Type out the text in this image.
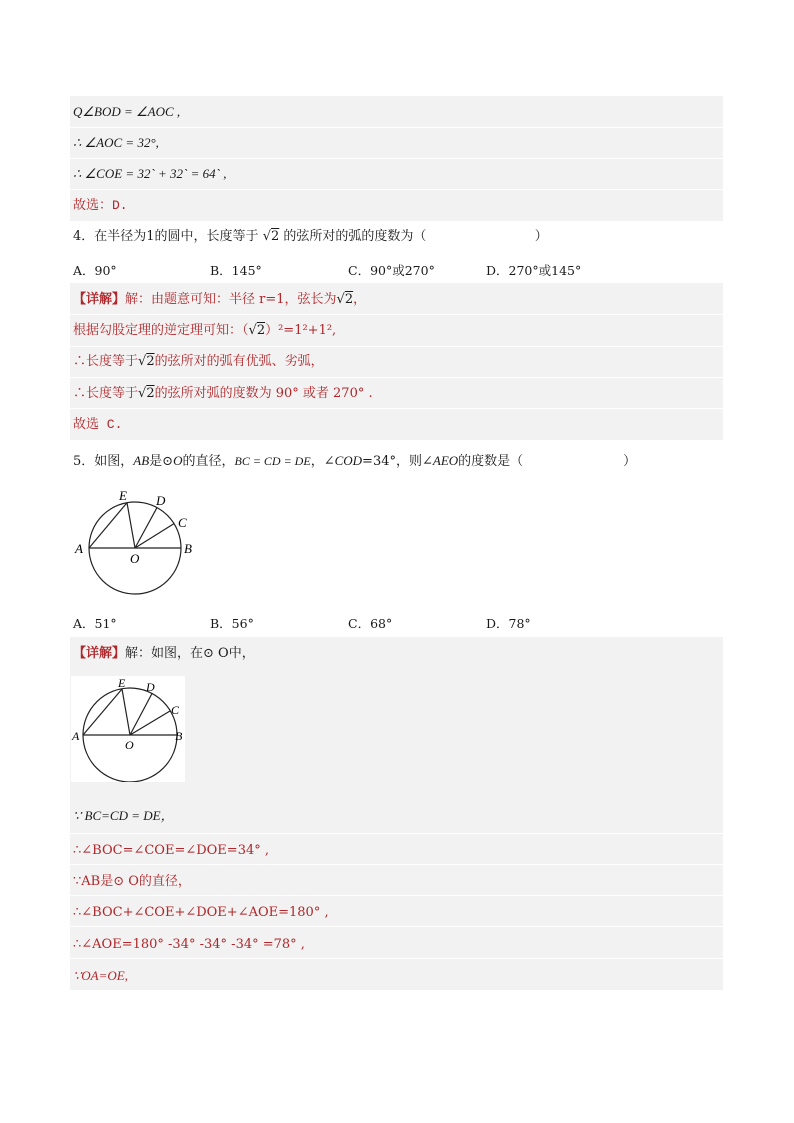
Q∠BOD = ∠AOC ,
∴ ∠AOC = 32°,
∴ ∠COE = 32` + 32` = 64` ,
故选：D.
4．在半径为1的圆中，长度等于 √2 的弦所对的弧的度数为（	）
A．90°	B．145°	C．90°或270°	D．270°或145°
【详解】解：由题意可知：半径 r=1，弦长为√2，
根据勾股定理的逆定理可知：（√2）²=1²+1²,
∴长度等于√2的弦所对的弧有优弧、劣弧，
∴长度等于√2的弦所对弧的度数为 90° 或者 270° .
故选 C.
5．如图，AB是⊙O的直径，BC = CD = DE，∠COD=34°，则∠AEO的度数是（	）
A	B
C
D
E
O
A．51°	B．56°	C．68°	D．78°
【详解】解：如图，在⊙ O中，
A	B
C
D
E
O
∵ BC=CD = DE，
∴∠BOC=∠COE=∠DOE=34° ,
∵AB是⊙ O的直径，
∴∠BOC+∠COE+∠DOE+∠AOE=180° ,
∴∠AOE=180° -34° -34° -34° =78° ,
∵OA=OE,
